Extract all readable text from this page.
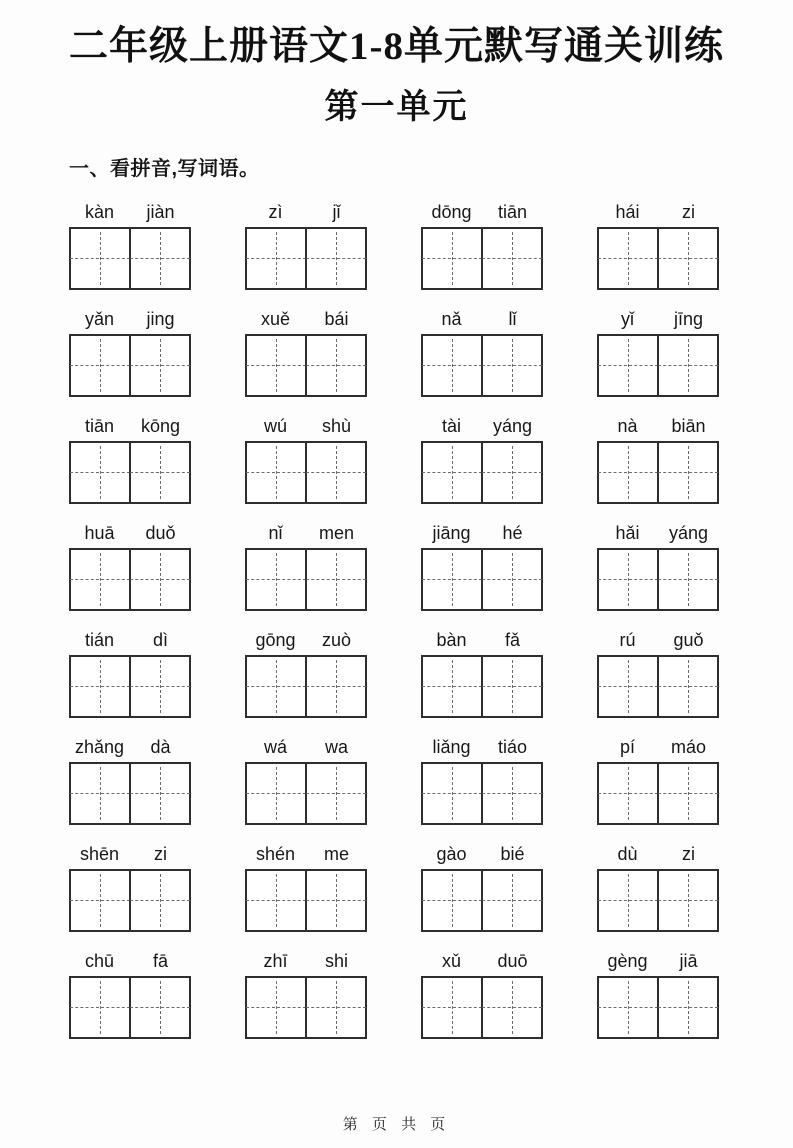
二年级上册语文1-8单元默写通关训练
第一单元
一、看拼音,写词语。
kàn	jiàn	zì	jǐ	dōng	tiān	hái	zi
yǎn	jing	xuě	bái	nǎ	lǐ	yǐ	jīng
tiān	kōng	wú	shù	tài	yáng	nà	biān
huā	duǒ	nǐ	men	jiāng	hé	hǎi	yáng
tián	dì	gōng	zuò	bàn	fǎ	rú	guǒ
zhǎng	dà	wá	wa	liǎng	tiáo	pí	máo
shēn	zi	shén	me	gào	bié	dù	zi
chū	fā	zhī	shi	xǔ	duō	gèng	jiā
第 页 共 页
